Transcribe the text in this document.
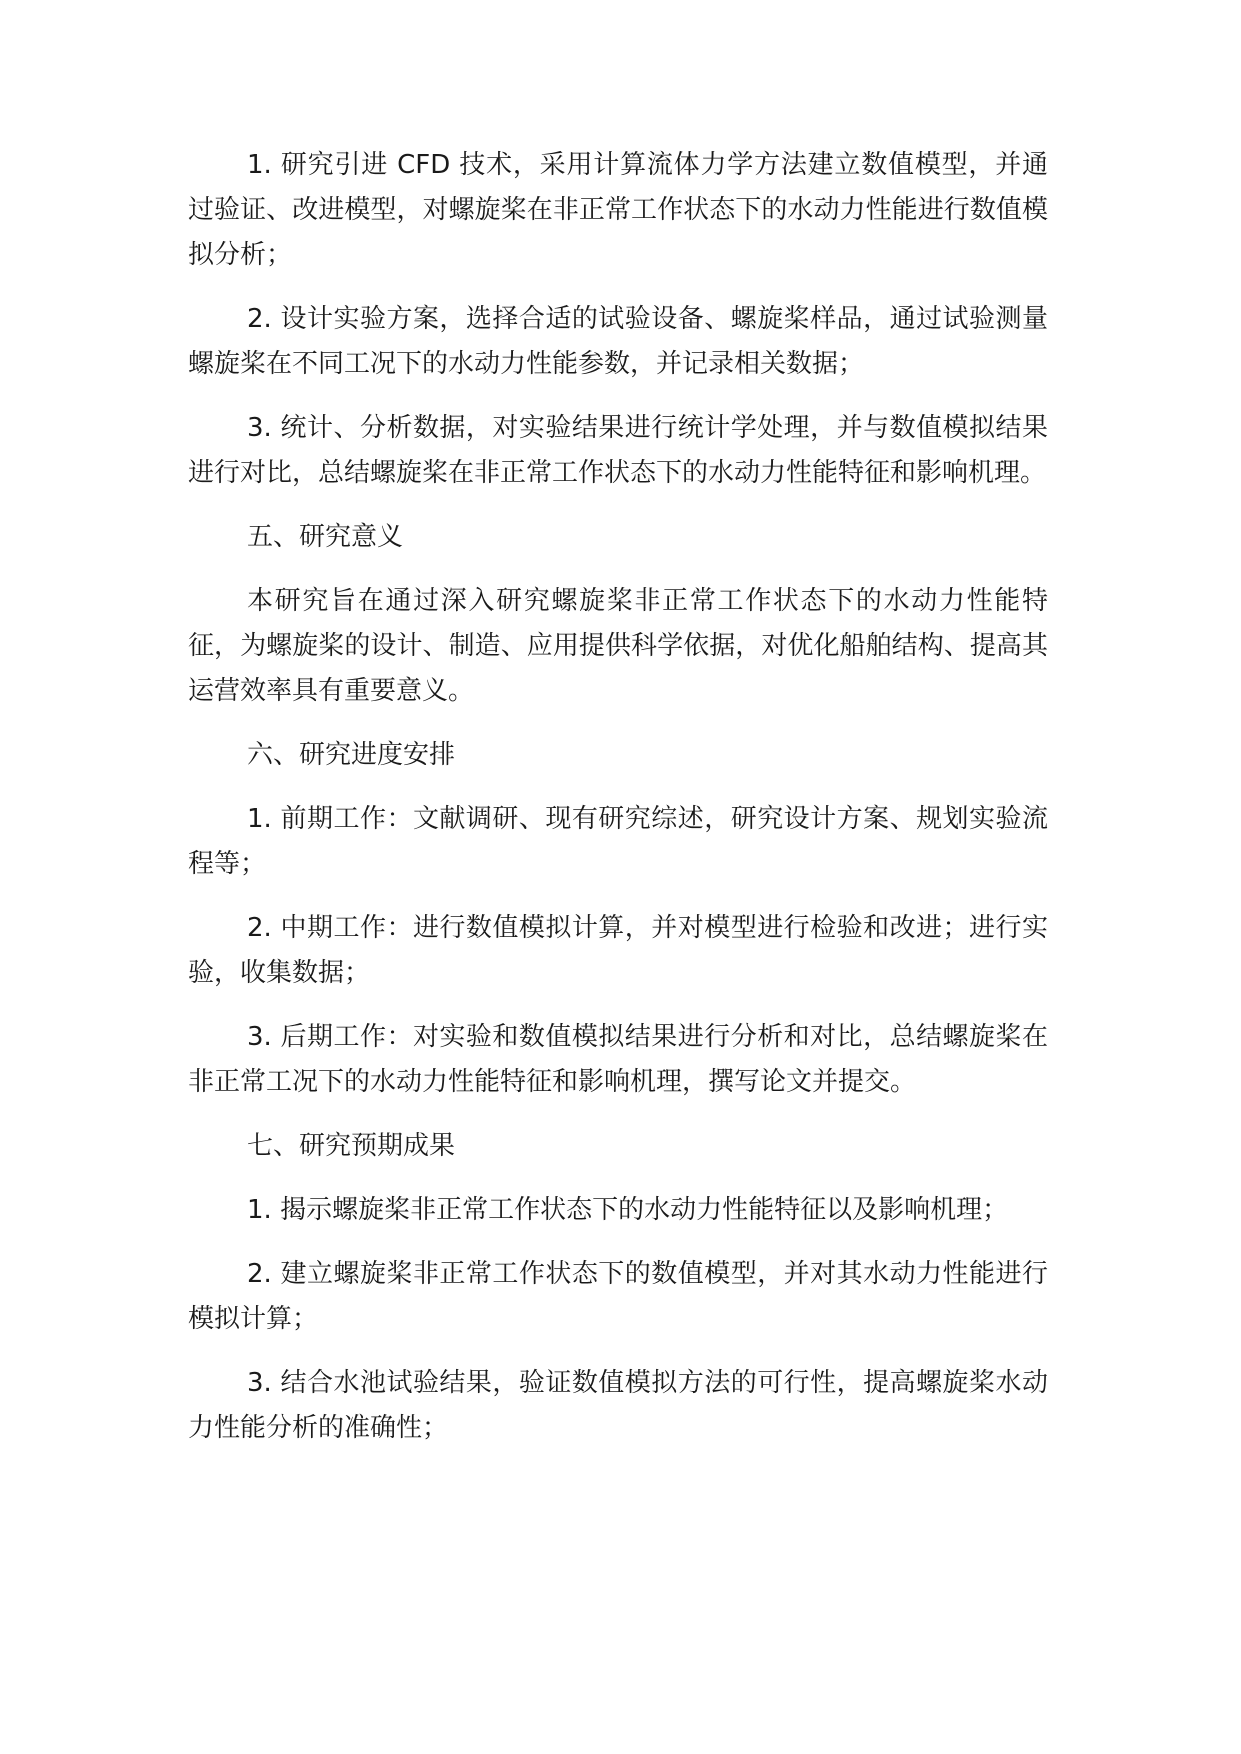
1. 研究引进 CFD 技术，采用计算流体力学方法建立数值模型，并通过验证、改进模型，对螺旋桨在非正常工作状态下的水动力性能进行数值模拟分析；

2. 设计实验方案，选择合适的试验设备、螺旋桨样品，通过试验测量螺旋桨在不同工况下的水动力性能参数，并记录相关数据；

3. 统计、分析数据，对实验结果进行统计学处理，并与数值模拟结果进行对比，总结螺旋桨在非正常工作状态下的水动力性能特征和影响机理。

五、研究意义

本研究旨在通过深入研究螺旋桨非正常工作状态下的水动力性能特征，为螺旋桨的设计、制造、应用提供科学依据，对优化船舶结构、提高其运营效率具有重要意义。

六、研究进度安排

1. 前期工作：文献调研、现有研究综述，研究设计方案、规划实验流程等；

2. 中期工作：进行数值模拟计算，并对模型进行检验和改进；进行实验，收集数据；

3. 后期工作：对实验和数值模拟结果进行分析和对比，总结螺旋桨在非正常工况下的水动力性能特征和影响机理，撰写论文并提交。

七、研究预期成果

1. 揭示螺旋桨非正常工作状态下的水动力性能特征以及影响机理；

2. 建立螺旋桨非正常工作状态下的数值模型，并对其水动力性能进行模拟计算；

3. 结合水池试验结果，验证数值模拟方法的可行性，提高螺旋桨水动力性能分析的准确性；
